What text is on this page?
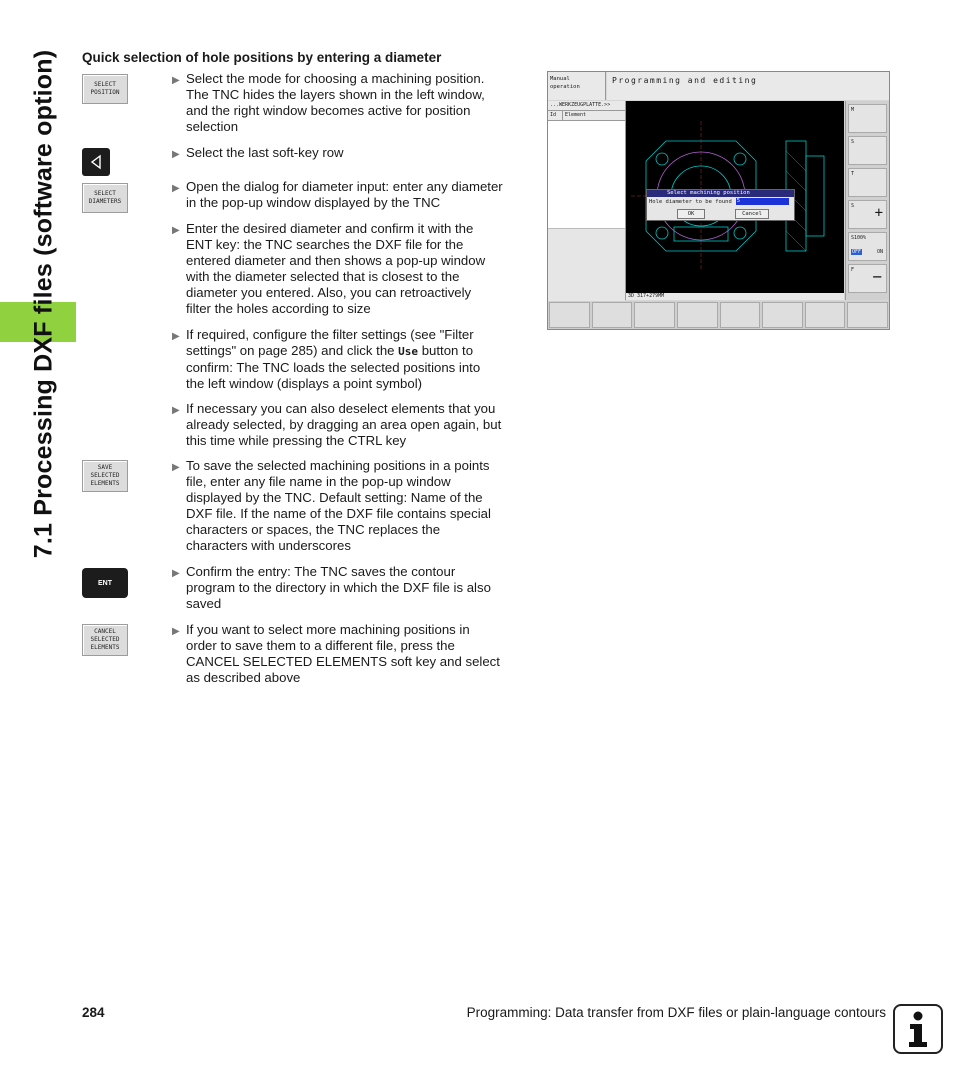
7.1 Processing DXF files (software option) Quick selection of hole positions by entering a diameter
SELECT
POSITION
SELECT
DIAMETERS
SAVE
SELECTED
ELEMENTS
ENT
CANCEL
SELECTED
ELEMENTS
▶ Select the mode for choosing a machining position.
The TNC hides the layers shown in the left window,
and the right window becomes active for position
selection
▶ Select the last soft-key row
▶ Open the dialog for diameter input: enter any diameter
in the pop-up window displayed by the TNC
▶ Enter the desired diameter and confirm it with the
ENT key: the TNC searches the DXF file for the
entered diameter and then shows a pop-up window
with the diameter selected that is closest to the
diameter you entered. Also, you can retroactively
filter the holes according to size
▶ If required, configure the filter settings (see "Filter
settings" on page 285) and click the Use button to
confirm: The TNC loads the selected positions into
the left window (displays a point symbol)
▶ If necessary you can also deselect elements that you
already selected, by dragging an area open again, but
this time while pressing the CTRL key
▶ To save the selected machining positions in a points
file, enter any file name in the pop-up window
displayed by the TNC. Default setting: Name of the
DXF file. If the name of the DXF file contains special
characters or spaces, the TNC replaces the
characters with underscores
▶ Confirm the entry: The TNC saves the contour
program to the directory in which the DXF file is also
saved
▶ If you want to select more machining positions in
order to save them to a different file, press the
CANCEL SELECTED ELEMENTS soft key and select
as described above
Manual
operation
Programming and editing
...WERKZEUGPLATTE.>>
Id	Element
3D 317+279MM
Select machining position
Hole diameter to be found 5
OK	Cancel
M
S
T
S +
S100%
OFF	ON
F −
284	Programming: Data transfer from DXF files or plain-language contours
